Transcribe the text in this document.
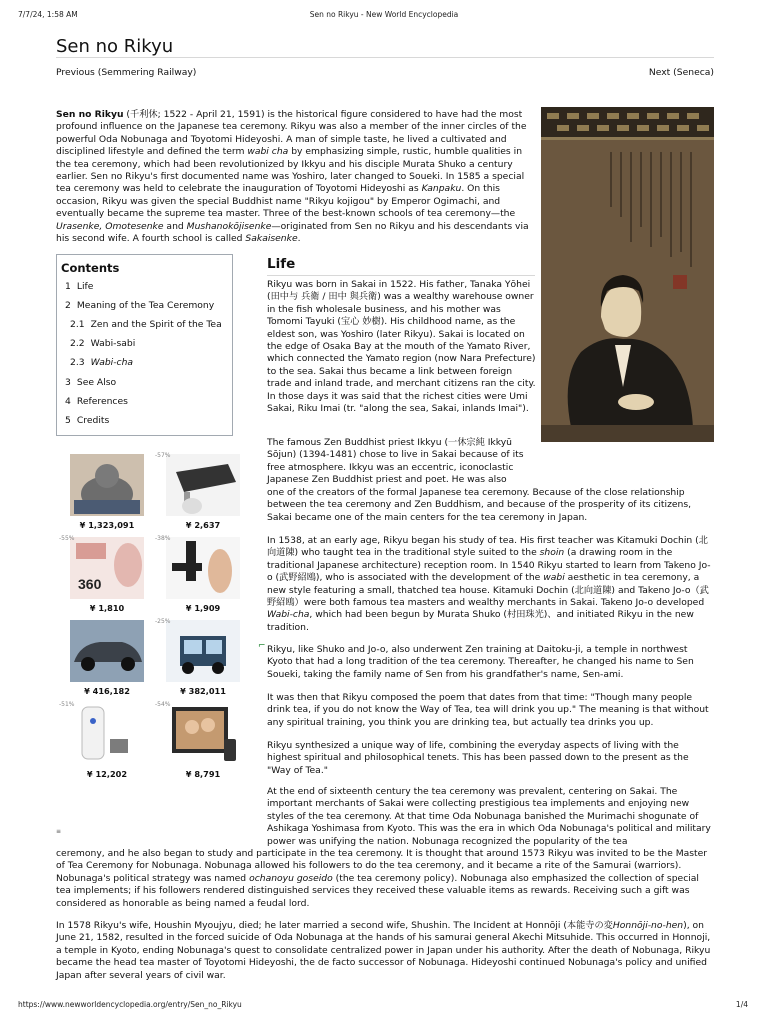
7/7/24, 1:58 AM	Sen no Rikyu - New World Encyclopedia
Sen no Rikyu
Previous (Semmering Railway)	Next (Seneca)

Sen no Rikyu (千利休; 1522 - April 21, 1591) is the historical figure considered to have had the most profound influence on the Japanese tea ceremony. Rikyu was also a member of the inner circles of the powerful Oda Nobunaga and Toyotomi Hideyoshi. A man of simple taste, he lived a cultivated and disciplined lifestyle and defined the term wabi cha by emphasizing simple, rustic, humble qualities in the tea ceremony, which had been revolutionized by Ikkyu and his disciple Murata Shuko a century earlier. Sen no Rikyu's first documented name was Yoshiro, later changed to Soueki. In 1585 a special tea ceremony was held to celebrate the inauguration of Toyotomi Hideyoshi as Kanpaku. On this occasion, Rikyu was given the special Buddhist name "Rikyu kojigou" by Emperor Ogimachi, and eventually became the supreme tea master. Three of the best-known schools of tea ceremony—the Urasenke, Omotesenke and Mushanokōjisenke—originated from Sen no Rikyu and his descendants via his second wife. A fourth school is called Sakaisenke.

Contents
1 Life
2 Meaning of the Tea Ceremony
2.1 Zen and the Spirit of the Tea
2.2 Wabi-sabi
2.3 Wabi-cha
3 See Also
4 References
5 Credits
Life

Rikyu was born in Sakai in 1522. His father, Tanaka Yōhei (田中与 兵衛 / 田中 與兵衛) was a wealthy warehouse owner in the fish wholesale business, and his mother was Tomomi Tayuki (宝心 妙樹). His childhood name, as the eldest son, was Yoshiro (later Rikyu). Sakai is located on the edge of Osaka Bay at the mouth of the Yamato River, which connected the Yamato region (now Nara Prefecture) to the sea. Sakai thus became a link between foreign trade and inland trade, and merchant citizens ran the city. In those days it was said that the richest cities were Umi Sakai, Riku Imai (tr. "along the sea, Sakai, inlands Imai").

The famous Zen Buddhist priest Ikkyu (一休宗純 Ikkyū Sōjun) (1394-1481) chose to live in Sakai because of its free atmosphere. Ikkyu was an eccentric, iconoclastic Japanese Zen Buddhist priest and poet. He was also

one of the creators of the formal Japanese tea ceremony. Because of the close relationship between the tea ceremony and Zen Buddhism, and because of the prosperity of its citizens, Sakai became one of the main centers for the tea ceremony in Japan.

In 1538, at an early age, Rikyu began his study of tea. His first teacher was Kitamuki Dochin (北向道陳) who taught tea in the traditional style suited to the shoin (a drawing room in the traditional Japanese architecture) reception room. In 1540 Rikyu started to learn from Takeno Jo-o (武野紹鴎), who is associated with the development of the wabi aesthetic in tea ceremony, a new style featuring a small, thatched tea house. Kitamuki Dochin (北向道陳) and Takeno Jo-o（武野紹鴎）were both famous tea masters and wealthy merchants in Sakai. Takeno Jo-o developed Wabi-cha, which had been begun by Murata Shuko (村田珠光)、and initiated Rikyu in the new tradition.

Rikyu, like Shuko and Jo-o, also underwent Zen training at Daitoku-ji, a temple in northwest Kyoto that had a long tradition of the tea ceremony. Thereafter, he changed his name to Sen Soueki, taking the family name of Sen from his grandfather's name, Sen-ami.

It was then that Rikyu composed the poem that dates from that time: "Though many people drink tea, if you do not know the Way of Tea, tea will drink you up." The meaning is that without any spiritual training, you think you are drinking tea, but actually tea drinks you up.

Rikyu synthesized a unique way of life, combining the everyday aspects of living with the highest spiritual and philosophical tenets. This has been passed down to the present as the "Way of Tea."

At the end of sixteenth century the tea ceremony was prevalent, centering on Sakai. The important merchants of Sakai were collecting prestigious tea implements and enjoying new styles of the tea ceremony. At that time Oda Nobunaga banished the Murimachi shogunate of Ashikaga Yoshimasa from Kyoto. This was the era in which Oda Nobunaga's political and military power was unifying the nation. Nobunaga recognized the popularity of the tea

ceremony, and he also began to study and participate in the tea ceremony. It is thought that around 1573 Rikyu was invited to be the Master of Tea Ceremony for Nobunaga. Nobunaga allowed his followers to do the tea ceremony, and it became a rite of the Samurai (warriors). Nobunaga's political strategy was named ochanoyu goseido (the tea ceremony policy). Nobunaga also emphasized the collection of special tea implements; if his followers rendered distinguished services they received these valuable items as rewards. Receiving such a gift was considered as honorable as being named a feudal lord.

In 1578 Rikyu's wife, Houshin Myoujyu, died; he later married a second wife, Shushin. The Incident at Honnōji (本能寺の変Honnōji-no-hen), on June 21, 1582, resulted in the forced suicide of Oda Nobunaga at the hands of his samurai general Akechi Mitsuhide. This occurred in Honnoji, a temple in Kyoto, ending Nobunaga's quest to consolidate centralized power in Japan under his authority. After the death of Nobunaga, Rikyu became the head tea master of Toyotomi Hideyoshi, the de facto successor of Nobunaga. Hideyoshi continued Nobunaga's policy and unified Japan after several years of civil war.

⌐
¥ 1,323,091
-57%
¥ 2,637
360
-55%
¥ 1,810
-38%
¥ 1,909
¥ 416,182
-25%
¥ 382,011
-51%
¥ 12,202
-54%
¥ 8,791
≡
https://www.newworldencyclopedia.org/entry/Sen_no_Rikyu	1/4
